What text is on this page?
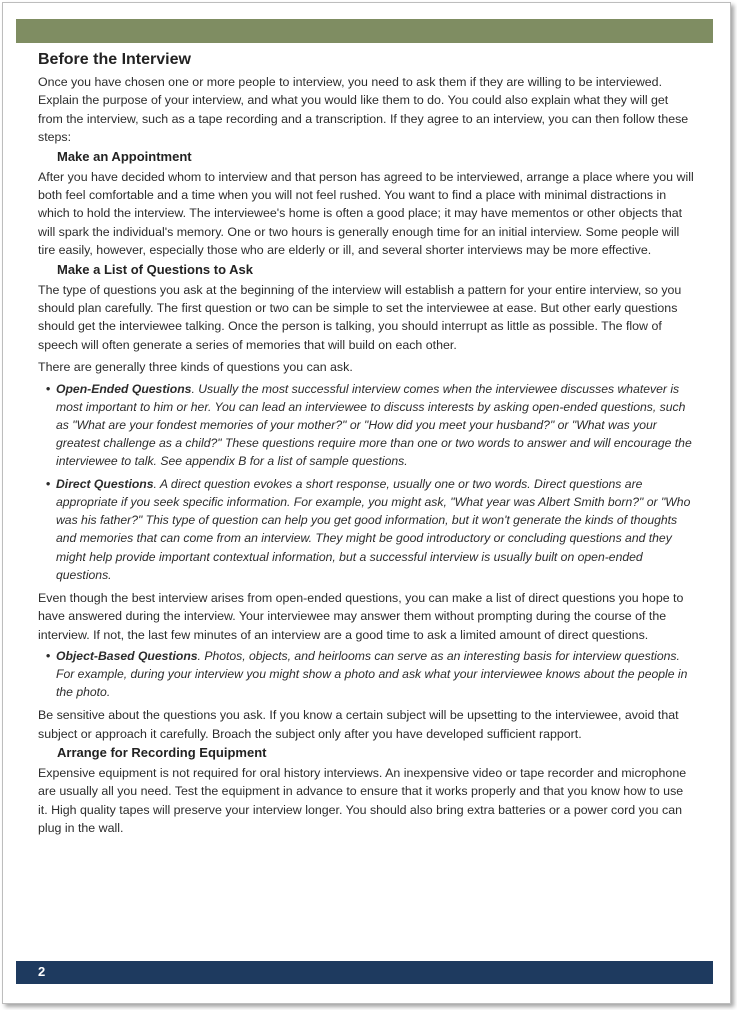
Before the Interview

Once you have chosen one or more people to interview, you need to ask them if they are willing to be interviewed. Explain the purpose of your interview, and what you would like them to do. You could also explain what they will get from the interview, such as a tape recording and a transcription. If they agree to an interview, you can then follow these steps:

Make an Appointment

After you have decided whom to interview and that person has agreed to be interviewed, arrange a place where you will both feel comfortable and a time when you will not feel rushed. You want to find a place with minimal distractions in which to hold the interview. The interviewee's home is often a good place; it may have mementos or other objects that will spark the individual's memory. One or two hours is generally enough time for an initial interview. Some people will tire easily, however, especially those who are elderly or ill, and several shorter interviews may be more effective.

Make a List of Questions to Ask

The type of questions you ask at the beginning of the interview will establish a pattern for your entire interview, so you should plan carefully. The first question or two can be simple to set the interviewee at ease. But other early questions should get the interviewee talking. Once the person is talking, you should interrupt as little as possible. The flow of speech will often generate a series of memories that will build on each other.

There are generally three kinds of questions you can ask.

• Open-Ended Questions. Usually the most successful interview comes when the interviewee discusses whatever is most important to him or her. You can lead an interviewee to discuss interests by asking open-ended questions, such as "What are your fondest memories of your mother?" or "How did you meet your husband?" or "What was your greatest challenge as a child?" These questions require more than one or two words to answer and will encourage the interviewee to talk. See appendix B for a list of sample questions.
• Direct Questions. A direct question evokes a short response, usually one or two words. Direct questions are appropriate if you seek specific information. For example, you might ask, "What year was Albert Smith born?" or "Who was his father?" This type of question can help you get good information, but it won't generate the kinds of thoughts and memories that can come from an interview. They might be good introductory or concluding questions and they might help provide important contextual information, but a successful interview is usually built on open-ended questions.

Even though the best interview arises from open-ended questions, you can make a list of direct questions you hope to have answered during the interview. Your interviewee may answer them without prompting during the course of the interview. If not, the last few minutes of an interview are a good time to ask a limited amount of direct questions.

• Object-Based Questions. Photos, objects, and heirlooms can serve as an interesting basis for interview questions. For example, during your interview you might show a photo and ask what your interviewee knows about the people in the photo.

Be sensitive about the questions you ask. If you know a certain subject will be upsetting to the interviewee, avoid that subject or approach it carefully. Broach the subject only after you have developed sufficient rapport.

Arrange for Recording Equipment

Expensive equipment is not required for oral history interviews. An inexpensive video or tape recorder and microphone are usually all you need. Test the equipment in advance to ensure that it works properly and that you know how to use it. High quality tapes will preserve your interview longer. You should also bring extra batteries or a power cord you can plug in the wall.

2
